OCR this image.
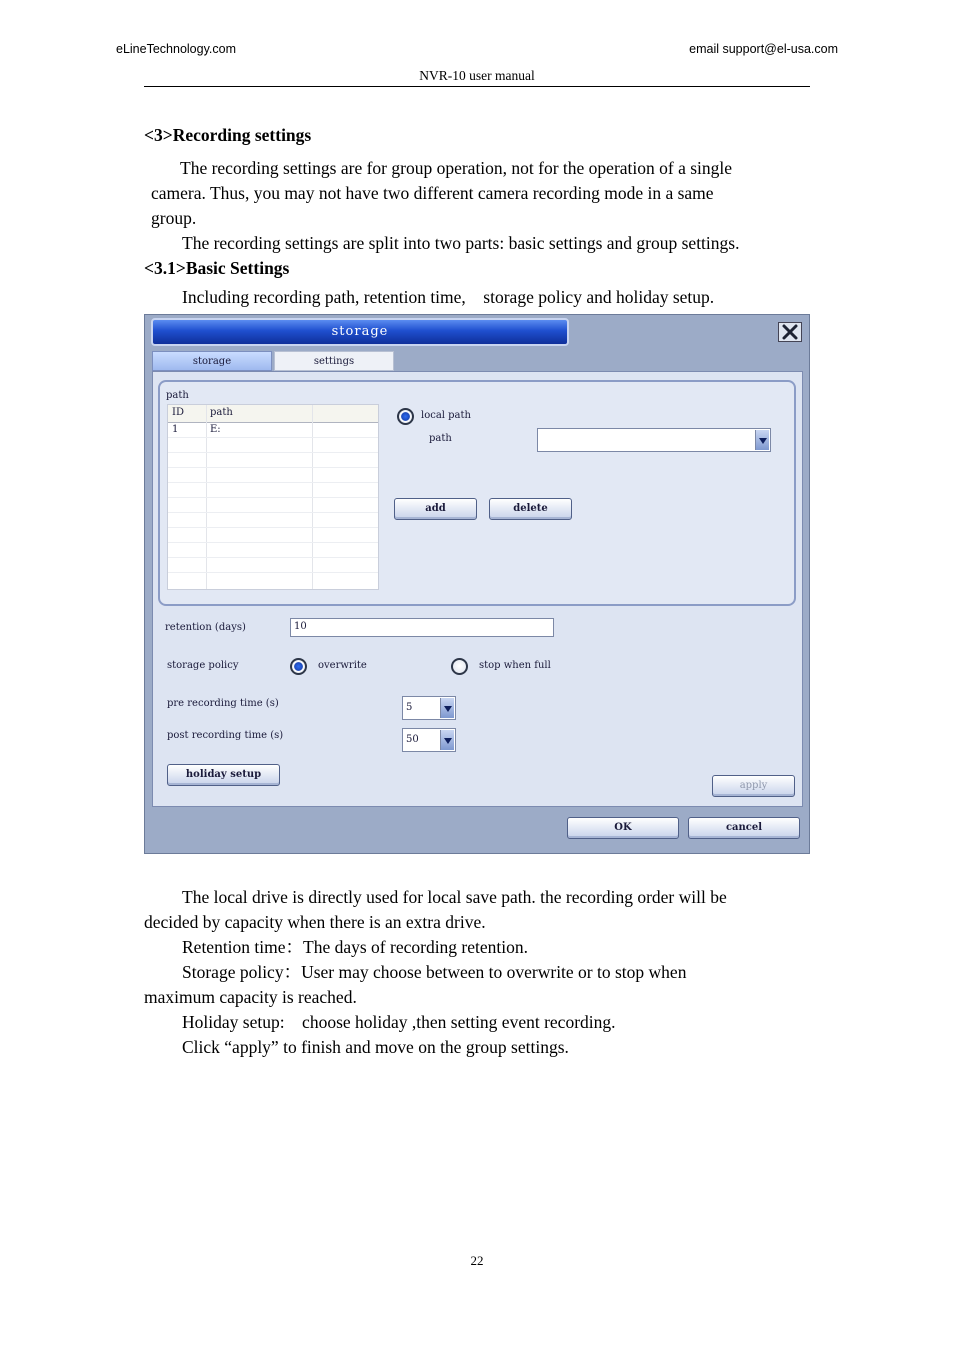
eLineTechnology.com	email support@el-usa.com
NVR-10 user manual
<3>Recording settings
The recording settings are for group operation, not for the operation of a single
camera. Thus, you may not have two different camera recording mode in a same
group.
The recording settings are split into two parts: basic settings and group settings.
<3.1>Basic Settings
Including recording path, retention time,    storage policy and holiday setup.
storage
storage	settings
path
ID	path
1	E:
local path
path
add	delete
retention (days)	10
storage policy	overwrite	stop when full
pre recording time (s)	5
post recording time (s)	50
holiday setup
apply
OK	cancel
The local drive is directly used for local save path. the recording order will be
decided by capacity when there is an extra drive.
Retention time：The days of recording retention.
Storage policy：User may choose between to overwrite or to stop when
maximum capacity is reached.
Holiday setup:    choose holiday ,then setting event recording.
Click “apply” to finish and move on the group settings.
22
